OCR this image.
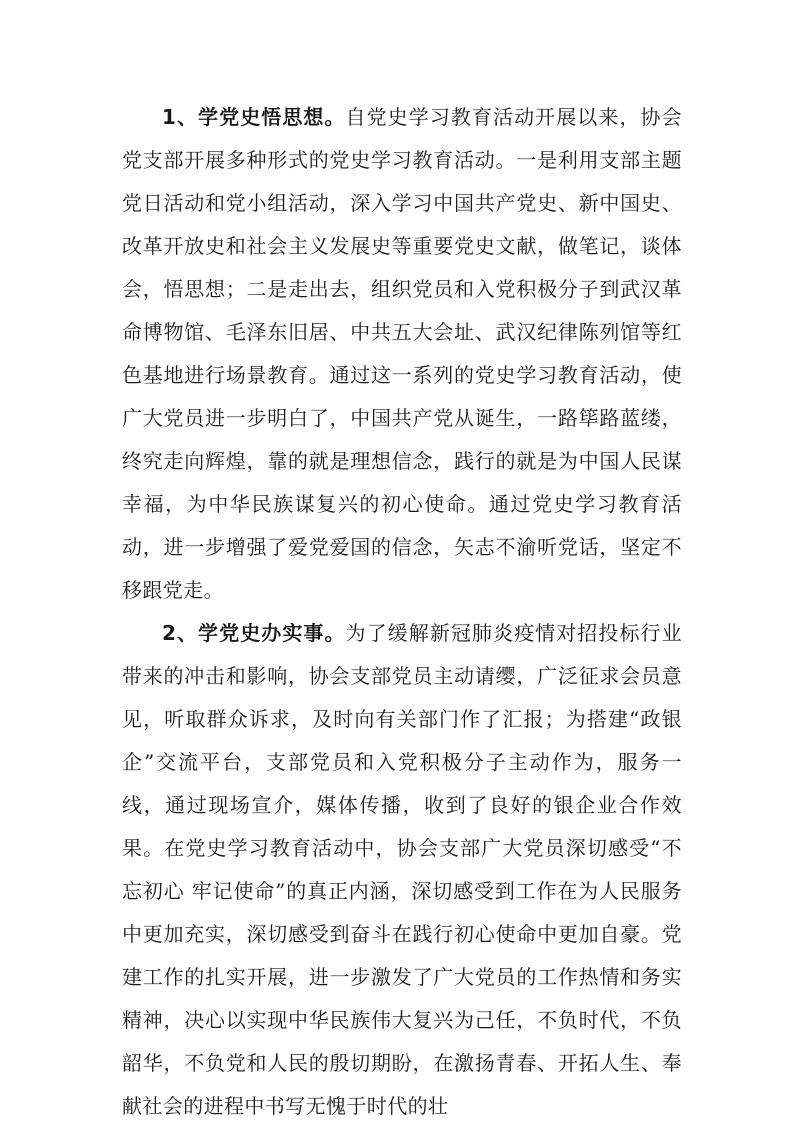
1、学党史悟思想。自党史学习教育活动开展以来，协会党支部开展多种形式的党史学习教育活动。一是利用支部主题党日活动和党小组活动，深入学习中国共产党史、新中国史、改革开放史和社会主义发展史等重要党史文献，做笔记，谈体会，悟思想；二是走出去，组织党员和入党积极分子到武汉革命博物馆、毛泽东旧居、中共五大会址、武汉纪律陈列馆等红色基地进行场景教育。通过这一系列的党史学习教育活动，使广大党员进一步明白了，中国共产党从诞生，一路筚路蓝缕，终究走向辉煌，靠的就是理想信念，践行的就是为中国人民谋幸福，为中华民族谋复兴的初心使命。通过党史学习教育活动，进一步增强了爱党爱国的信念，矢志不渝听党话，坚定不移跟党走。

2、学党史办实事。为了缓解新冠肺炎疫情对招投标行业带来的冲击和影响，协会支部党员主动请缨，广泛征求会员意见，听取群众诉求，及时向有关部门作了汇报；为搭建“政银企”交流平台，支部党员和入党积极分子主动作为，服务一线，通过现场宣介，媒体传播，收到了良好的银企业合作效果。在党史学习教育活动中，协会支部广大党员深切感受“不忘初心 牢记使命”的真正内涵，深切感受到工作在为人民服务中更加充实，深切感受到奋斗在践行初心使命中更加自豪。党建工作的扎实开展，进一步激发了广大党员的工作热情和务实精神，决心以实现中华民族伟大复兴为己任，不负时代，不负韶华，不负党和人民的殷切期盼，在激扬青春、开拓人生、奉献社会的进程中书写无愧于时代的壮
